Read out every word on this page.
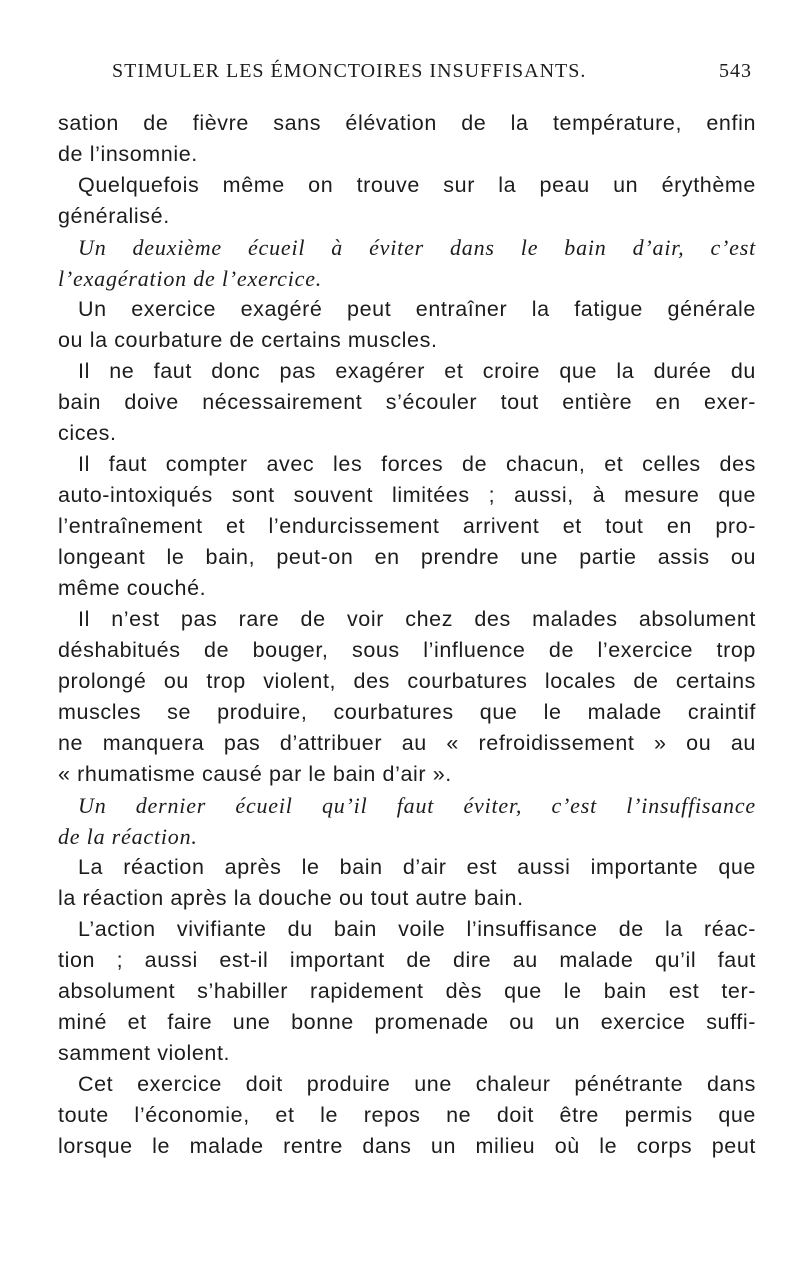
STIMULER LES ÉMONCTOIRES INSUFFISANTS.	543
sation de fièvre sans élévation de la température, enfin
de l’insomnie.
Quelquefois même on trouve sur la peau un érythème
généralisé.
Un deuxième écueil à éviter dans le bain d’air, c’est
l’exagération de l’exercice.
Un exercice exagéré peut entraîner la fatigue générale
ou la courbature de certains muscles.
Il ne faut donc pas exagérer et croire que la durée du
bain doive nécessairement s’écouler tout entière en exer-
cices.
Il faut compter avec les forces de chacun, et celles des
auto-intoxiqués sont souvent limitées ; aussi, à mesure que
l’entraînement et l’endurcissement arrivent et tout en pro-
longeant le bain, peut-on en prendre une partie assis ou
même couché.
Il n’est pas rare de voir chez des malades absolument
déshabitués de bouger, sous l’influence de l’exercice trop
prolongé ou trop violent, des courbatures locales de certains
muscles se produire, courbatures que le malade craintif
ne manquera pas d’attribuer au « refroidissement » ou au
« rhumatisme causé par le bain d’air ».
Un dernier écueil qu’il faut éviter, c’est l’insuffisance
de la réaction.
La réaction après le bain d’air est aussi importante que
la réaction après la douche ou tout autre bain.
L’action vivifiante du bain voile l’insuffisance de la réac-
tion ; aussi est-il important de dire au malade qu’il faut
absolument s’habiller rapidement dès que le bain est ter-
miné et faire une bonne promenade ou un exercice suffi-
samment violent.
Cet exercice doit produire une chaleur pénétrante dans
toute l’économie, et le repos ne doit être permis que
lorsque le malade rentre dans un milieu où le corps peut
